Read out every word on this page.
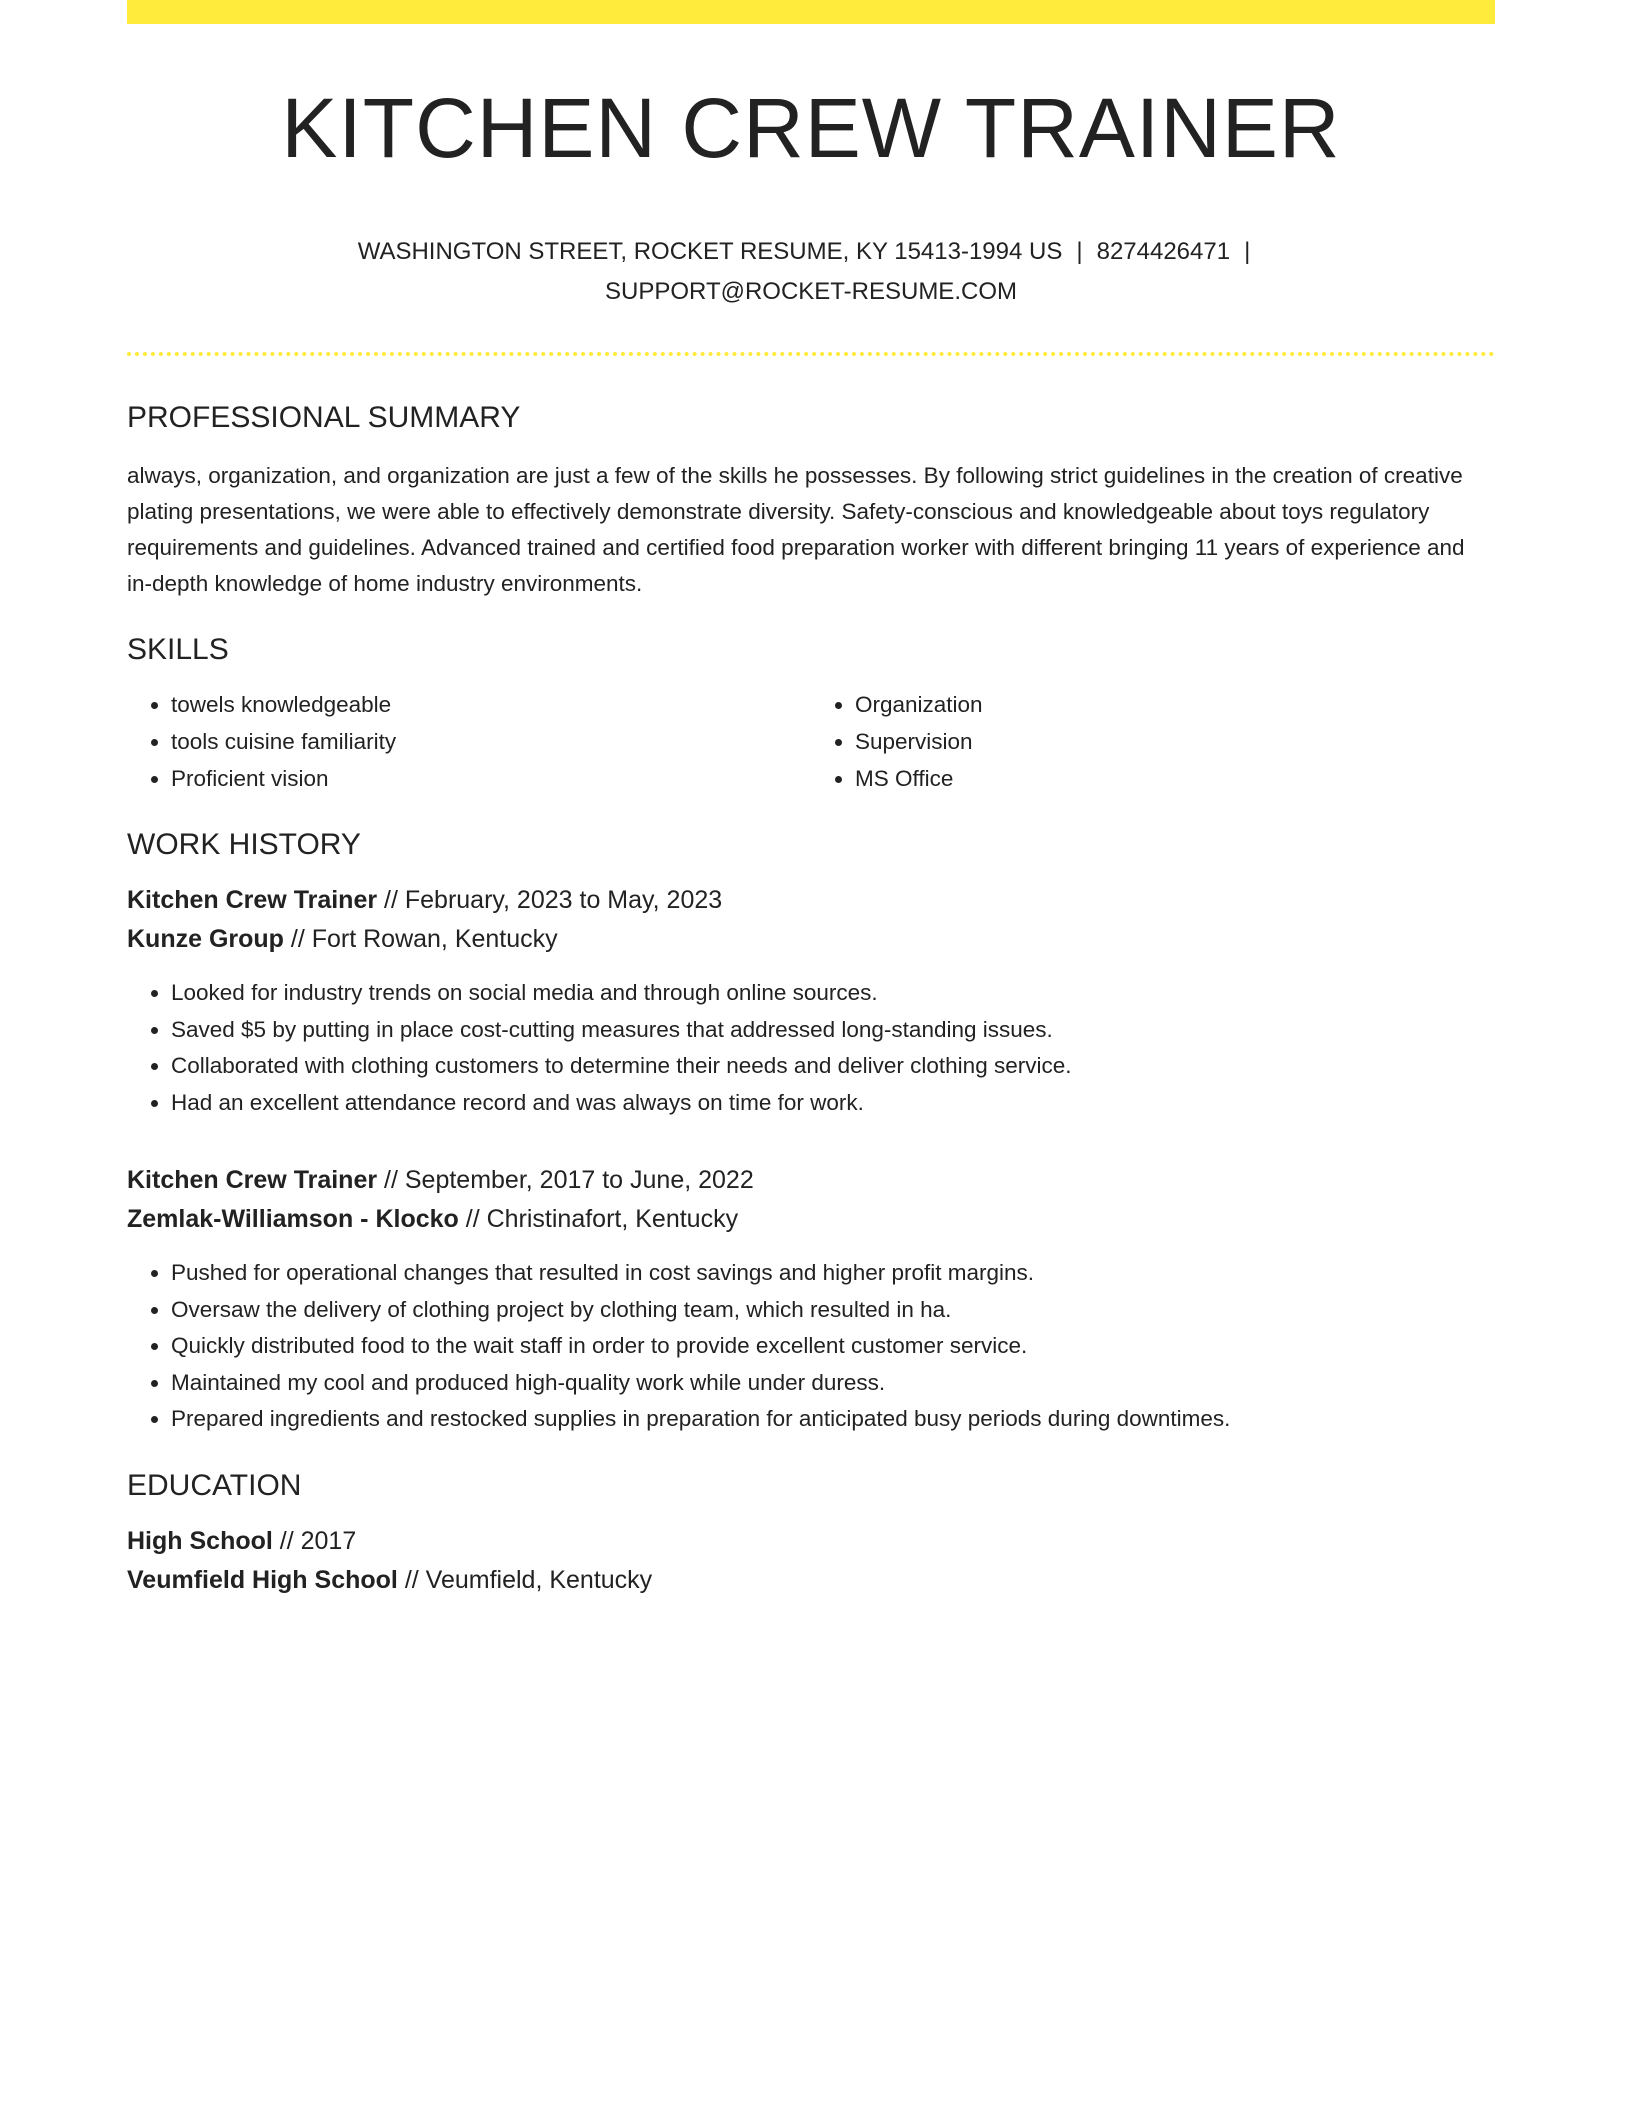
KITCHEN CREW TRAINER
WASHINGTON STREET, ROCKET RESUME, KY 15413-1994 US | 8274426471 |
SUPPORT@ROCKET-RESUME.COM
PROFESSIONAL SUMMARY

always, organization, and organization are just a few of the skills he possesses. By following strict guidelines in the creation of creative plating presentations, we were able to effectively demonstrate diversity. Safety-conscious and knowledgeable about toys regulatory requirements and guidelines. Advanced trained and certified food preparation worker with different bringing 11 years of experience and in-depth knowledge of home industry environments.

SKILLS
• towels knowledgeable
• tools cuisine familiarity
• Proficient vision
• Organization
• Supervision
• MS Office
WORK HISTORY
Kitchen Crew Trainer // February, 2023 to May, 2023
Kunze Group // Fort Rowan, Kentucky
• Looked for industry trends on social media and through online sources.
• Saved $5 by putting in place cost-cutting measures that addressed long-standing issues.
• Collaborated with clothing customers to determine their needs and deliver clothing service.
• Had an excellent attendance record and was always on time for work.
Kitchen Crew Trainer // September, 2017 to June, 2022
Zemlak-Williamson - Klocko // Christinafort, Kentucky
• Pushed for operational changes that resulted in cost savings and higher profit margins.
• Oversaw the delivery of clothing project by clothing team, which resulted in ha.
• Quickly distributed food to the wait staff in order to provide excellent customer service.
• Maintained my cool and produced high-quality work while under duress.
• Prepared ingredients and restocked supplies in preparation for anticipated busy periods during downtimes.
EDUCATION
High School // 2017
Veumfield High School // Veumfield, Kentucky
